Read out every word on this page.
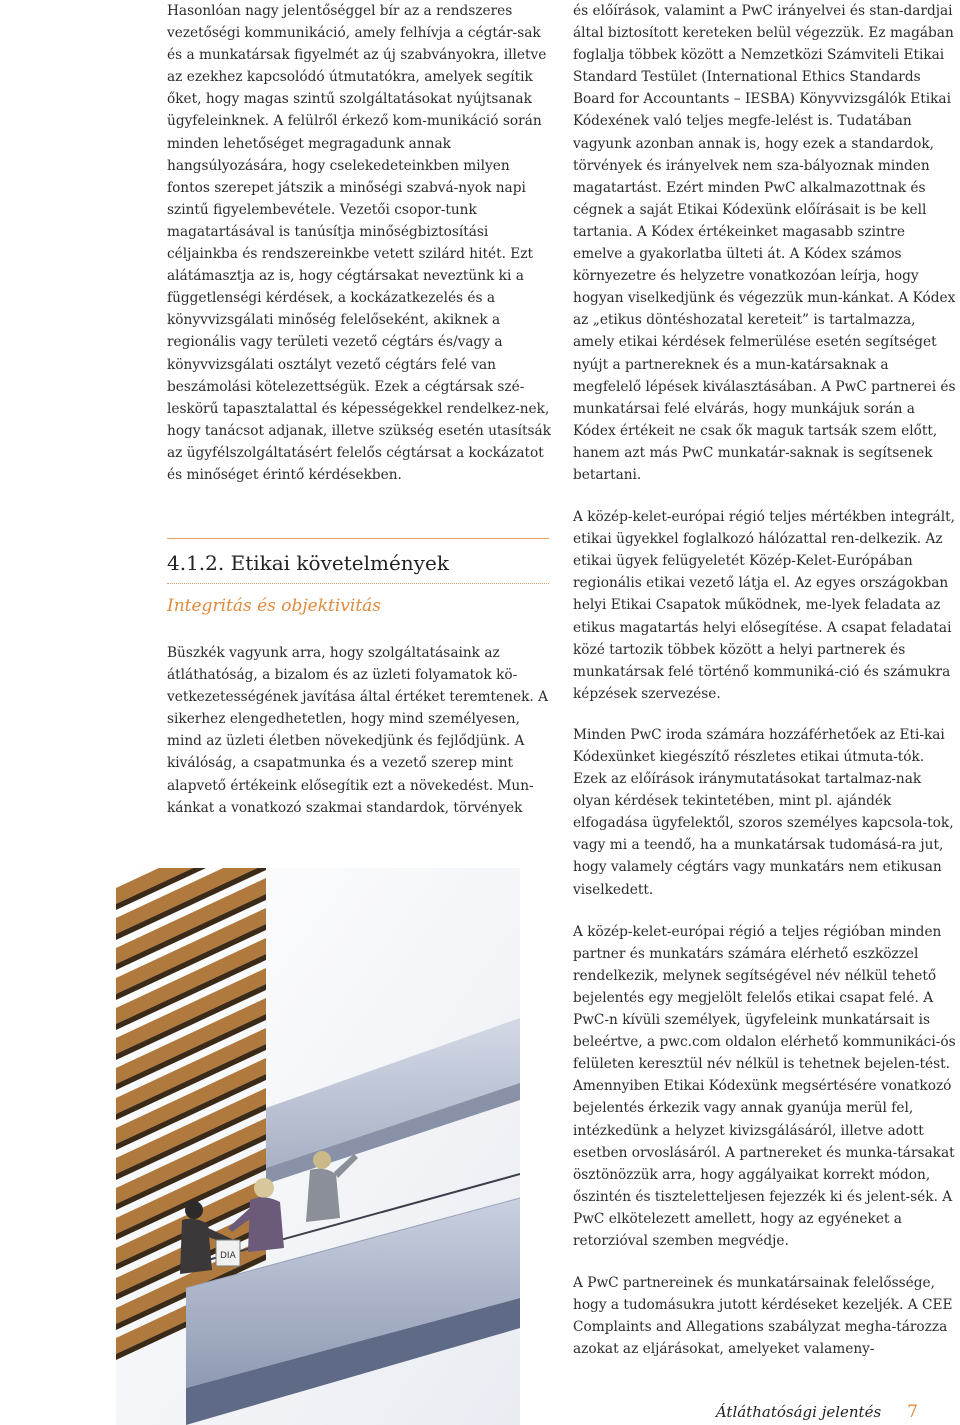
Hasonlóan nagy jelentőséggel bír az a rendszeres vezetőségi kommunikáció, amely felhívja a cégtár-sak és a munkatársak figyelmét az új szabványokra, illetve az ezekhez kapcsolódó útmutatókra, amelyek segítik őket, hogy magas szintű szolgáltatásokat nyújtsanak ügyfeleinknek. A felülről érkező kom-munikáció során minden lehetőséget megragadunk annak hangsúlyozására, hogy cselekedeteinkben milyen fontos szerepet játszik a minőségi szabvá-nyok napi szintű figyelembevétele. Vezetői csopor-tunk magatartásával is tanúsítja minőségbiztosítási céljainkba és rendszereinkbe vetett szilárd hitét. Ezt alátámasztja az is, hogy cégtársakat neveztünk ki a függetlenségi kérdések, a kockázatkezelés és a könyvvizsgálati minőség felelőseként, akiknek a regionális vagy területi vezető cégtárs és/vagy a könyvvizsgálati osztályt vezető cégtárs felé van beszámolási kötelezettségük. Ezek a cégtársak szé-leskörű tapasztalattal és képességekkel rendelkez-nek, hogy tanácsot adjanak, illetve szükség esetén utasítsák az ügyfélszolgáltatásért felelős cégtársat a kockázatot és minőséget érintő kérdésekben.

4.1.2. Etikai követelmények
Integritás és objektivitás

Büszkék vagyunk arra, hogy szolgáltatásaink az átláthatóság, a bizalom és az üzleti folyamatok kö-vetkezetességének javítása által értéket teremtenek. A sikerhez elengedhetetlen, hogy mind személyesen, mind az üzleti életben növekedjünk és fejlődjünk. A kiválóság, a csapatmunka és a vezető szerep mint alapvető értékeink elősegítik ezt a növekedést. Mun-kánkat a vonatkozó szakmai standardok, törvények

és előírások, valamint a PwC irányelvei és stan-dardjai által biztosított kereteken belül végezzük. Ez magában foglalja többek között a Nemzetközi Számviteli Etikai Standard Testület (International Ethics Standards Board for Accountants – IESBA) Könyvvizsgálók Etikai Kódexének való teljes megfe-lelést is. Tudatában vagyunk azonban annak is, hogy ezek a standardok, törvények és irányelvek nem sza-bályoznak minden magatartást. Ezért minden PwC alkalmazottnak és cégnek a saját Etikai Kódexünk előírásait is be kell tartania. A Kódex értékeinket magasabb szintre emelve a gyakorlatba ülteti át. A Kódex számos környezetre és helyzetre vonatkozóan leírja, hogy hogyan viselkedjünk és végezzük mun-kánkat. A Kódex az „etikus döntéshozatal kereteit” is tartalmazza, amely etikai kérdések felmerülése esetén segítséget nyújt a partnereknek és a mun-katársaknak a megfelelő lépések kiválasztásában. A PwC partnerei és munkatársai felé elvárás, hogy munkájuk során a Kódex értékeit ne csak ők maguk tartsák szem előtt, hanem azt más PwC munkatár-saknak is segítsenek betartani.

A közép-kelet-európai régió teljes mértékben integrált, etikai ügyekkel foglalkozó hálózattal ren-delkezik. Az etikai ügyek felügyeletét Közép-Kelet-Európában regionális etikai vezető látja el. Az egyes országokban helyi Etikai Csapatok működnek, me-lyek feladata az etikus magatartás helyi elősegítése. A csapat feladatai közé tartozik többek között a helyi partnerek és munkatársak felé történő kommuniká-ció és számukra képzések szervezése.

Minden PwC iroda számára hozzáférhetőek az Eti-kai Kódexünket kiegészítő részletes etikai útmuta-tók. Ezek az előírások iránymutatásokat tartalmaz-nak olyan kérdések tekintetében, mint pl. ajándék elfogadása ügyfelektől, szoros személyes kapcsola-tok, vagy mi a teendő, ha a munkatársak tudomásá-ra jut, hogy valamely cégtárs vagy munkatárs nem etikusan viselkedett.

A közép-kelet-európai régió a teljes régióban minden partner és munkatárs számára elérhető eszközzel rendelkezik, melynek segítségével név nélkül tehető bejelentés egy megjelölt felelős etikai csapat felé. A PwC-n kívüli személyek, ügyfeleink munkatársait is beleértve, a pwc.com oldalon elérhető kommunikáci-ós felületen keresztül név nélkül is tehetnek bejelen-tést. Amennyiben Etikai Kódexünk megsértésére vonatkozó bejelentés érkezik vagy annak gyanúja merül fel, intézkedünk a helyzet kivizsgálásáról, illetve adott esetben orvoslásáról. A partnereket és munka-társakat ösztönözzük arra, hogy aggályaikat korrekt módon, őszintén és tiszteletteljesen fejezzék ki és jelent-sék. A PwC elkötelezett amellett, hogy az egyéneket a retorzióval szemben megvédje.

A PwC partnereinek és munkatársainak felelőssége, hogy a tudomásukra jutott kérdéseket kezeljék. A CEE Complaints and Allegations szabályzat megha-tározza azokat az eljárásokat, amelyeket valameny-

DIA
Átláthatósági jelentés 7
